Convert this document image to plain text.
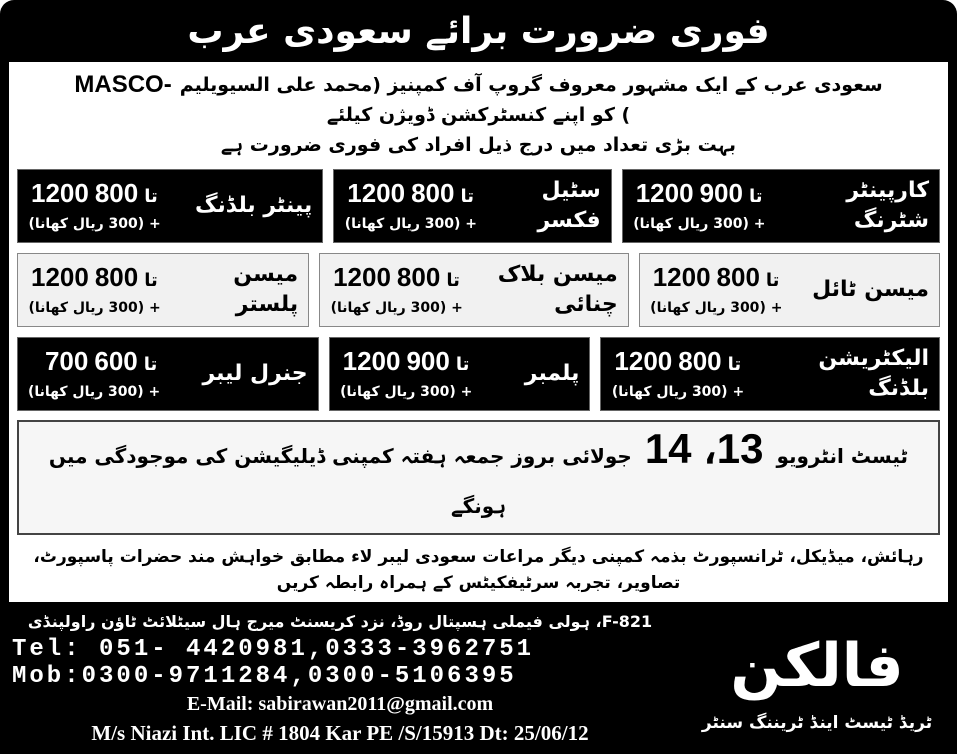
فوری ضرورت برائے سعودی عرب
سعودی عرب کے ایک مشہور معروف گروپ آف کمپنیز (محمد علی السیویلیم
MASCO-
) کو اپنے کنسٹرکشن ڈویژن کیلئے
بہت بڑی تعداد میں درج ذیل افراد کی فوری ضرورت ہے
کارپینٹر شٹرنگ
1200	تا900
+ (300 ریال کھانا)
سٹیل فکسر
1200	تا800
+ (300 ریال کھانا)
پینٹر بلڈنگ
1200	تا800
+ (300 ریال کھانا)
میسن ٹائل
1200	تا800
+ (300 ریال کھانا)
میسن بلاک چنائی
1200	تا800
+ (300 ریال کھانا)
میسن پلستر
1200	تا800
+ (300 ریال کھانا)
الیکٹریشن بلڈنگ
1200	تا800
+ (300 ریال کھانا)
پلمبر
1200	تا900
+ (300 ریال کھانا)
جنرل لیبر
700	تا600
+ (300 ریال کھانا)
ٹیسٹ انٹرویو 13، 14 جولائی بروز جمعہ ہفتہ کمپنی ڈیلیگیشن کی موجودگی میں ہونگے
رہائش، میڈیکل، ٹرانسپورٹ بذمہ کمپنی دیگر مراعات سعودی لیبر لاء مطابق خواہش مند حضرات پاسپورٹ، تصاویر، تجربہ سرٹیفکیٹس کے ہمراہ رابطہ کریں
F-821، ہولی فیملی ہسپتال روڈ، نزد کریسنٹ میرج ہال سیٹلائٹ ٹاؤن راولپنڈی
Tel: 051- 4420981,0333-3962751
Mob:0300-9711284,0300-5106395
E-Mail: sabirawan2011@gmail.com
M/s Niazi Int. LIC # 1804 Kar PE /S/15913 Dt: 25/06/12
فالکن
ٹریڈ ٹیسٹ اینڈ ٹریننگ سنٹر
